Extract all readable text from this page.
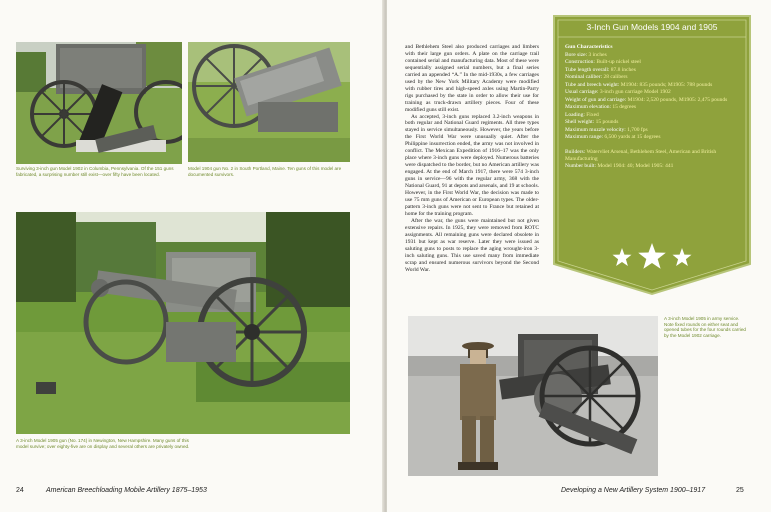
Surviving 3-inch gun Model 1902 in Columbia, Pennsylvania. Of the 151 guns fabricated, a surprising number still exist—over fifty have been located.
Model 1904 gun No. 2 in South Portland, Maine. Ten guns of this model are documented survivors.
A 3-inch Model 1905 gun (No. 174) in Newington, New Hampshire. Many guns of this model survive; over eighty-five are on display and several others are privately owned.
24	American Breechloading Mobile Artillery 1875–1953

and Bethlehem Steel also produced carriages and limbers with their large gun orders. A plate on the carriage trail contained serial and manufacturing data. Most of these were sequentially assigned serial numbers, but a final series carried an appended “A.” In the mid-1930s, a few carriages used by the New York Military Academy were modified with rubber tires and high-speed axles using Martin-Parry rigs purchased by the state in order to allow their use for training as truck-drawn artillery pieces. Four of these modified guns still exist.

As accepted, 3-inch guns replaced 3.2-inch weapons in both regular and National Guard regiments. All three types stayed in service simultaneously. However, the years before the First World War were unusually quiet. After the Philippine insurrection ended, the army was not involved in conflict. The Mexican Expedition of 1916–17 was the only place where 3-inch guns were deployed. Numerous batteries were dispatched to the border, but no American artillery was engaged. At the end of March 1917, there were 574 3-inch guns in service—96 with the regular army, 368 with the National Guard, 91 at depots and arsenals, and 19 at schools. However, in the First World War, the decision was made to use 75 mm guns of American or European types. The older-pattern 3-inch guns were not sent to France but retained at home for the training program.

After the war, the guns were maintained but not given extensive repairs. In 1925, they were removed from ROTC assignments. All remaining guns were declared obsolete in 1931 but kept as war reserve. Later they were issued as saluting guns to posts to replace the aging wrought-iron 3-inch saluting guns. This use saved many from immediate scrap and ensured numerous survivors beyond the Second World War.

3-Inch Gun Models 1904 and 1905
Gun Characteristics
Bore size: 3 inches
Construction: Built-up nickel steel
Tube length overall: 87.8 inches
Nominal caliber: 28 calibers
Tube and breech weight: M1904: 835 pounds; M1905: 788 pounds
Usual carriage: 3-inch gun carriage Model 1902
Weight of gun and carriage: M1904: 2,520 pounds, M1905: 2,475 pounds
Maximum elevation: 15 degrees
Loading: Fixed
Shell weight: 15 pounds
Maximum muzzle velocity: 1,700 fps
Maximum range: 6,500 yards at 15 degrees
Builders: Watervliet Arsenal, Bethlehem Steel, American and British Manufacturing
Number built: Model 1904: 40; Model 1905: 441
A 3-inch Model 1905 in army service. Note fixed rounds on either seat and opened tubes for the four rounds carried by the Model 1902 carriage.
Developing a New Artillery System 1900–1917	25
